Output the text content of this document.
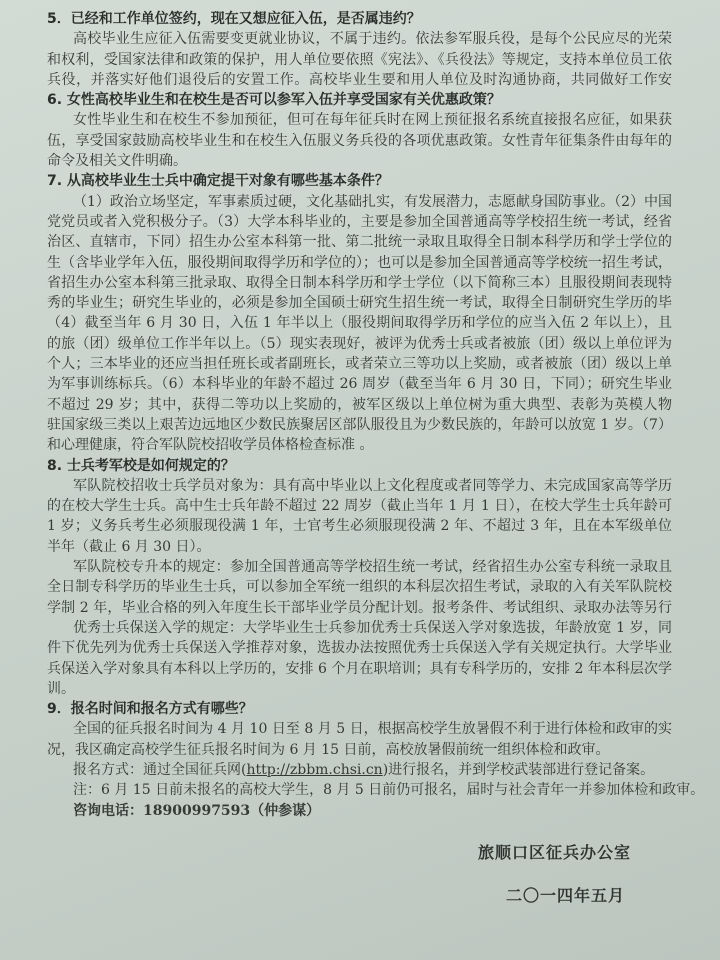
5．已经和工作单位签约，现在又想应征入伍，是否属违约？
高校毕业生应征入伍需要变更就业协议，不属于违约。依法参军服兵役，是每个公民应尽的光荣
和权利，受国家法律和政策的保护，用人单位要依照《宪法》、《兵役法》等规定，支持本单位员工依
兵役，并落实好他们退役后的安置工作。高校毕业生要和用人单位及时沟通协商，共同做好工作安
6. 女性高校毕业生和在校生是否可以参军入伍并享受国家有关优惠政策？
女性毕业生和在校生不参加预征，但可在每年征兵时在网上预征报名系统直接报名应征，如果获
伍，享受国家鼓励高校毕业生和在校生入伍服义务兵役的各项优惠政策。女性青年征集条件由每年的
命令及相关文件明确。
7. 从高校毕业生士兵中确定提干对象有哪些基本条件？
（1）政治立场坚定，军事素质过硬，文化基础扎实，有发展潜力，志愿献身国防事业。（2）中国
党党员或者入党积极分子。（3）大学本科毕业的，主要是参加全国普通高等学校招生统一考试，经省
治区、直辖市，下同）招生办公室本科第一批、第二批统一录取且取得全日制本科学历和学士学位的
生（含毕业学年入伍，服役期间取得学历和学位的）；也可以是参加全国普通高等学校统一招生考试，
省招生办公室本科第三批录取、取得全日制本科学历和学士学位（以下简称三本）且服役期间表现特
秀的毕业生；研究生毕业的，必须是参加全国硕士研究生招生统一考试，取得全日制研究生学历的毕
（4）截至当年 6 月 30 日，入伍 1 年半以上（服役期间取得学历和学位的应当入伍 2 年以上），且
的旅（团）级单位工作半年以上。（5）现实表现好，被评为优秀士兵或者被旅（团）级以上单位评为
个人；三本毕业的还应当担任班长或者副班长，或者荣立三等功以上奖励，或者被旅（团）级以上单
为军事训练标兵。（6）本科毕业的年龄不超过 26 周岁（截至当年 6 月 30 日，下同）；研究生毕业
不超过 29 岁；其中，获得二等功以上奖励的，被军区级以上单位树为重大典型、表彰为英模人物
驻国家级三类以上艰苦边远地区少数民族聚居区部队服役且为少数民族的，年龄可以放宽 1 岁。（7）
和心理健康，符合军队院校招收学员体格检查标准 。
8. 士兵考军校是如何规定的？
军队院校招收士兵学员对象为：具有高中毕业以上文化程度或者同等学力、未完成国家高等学历
的在校大学生士兵。高中生士兵年龄不超过 22 周岁（截止当年 1 月 1 日），在校大学生士兵年龄可
1 岁；义务兵考生必须服现役满 1 年，士官考生必须服现役满 2 年、不超过 3 年，且在本军级单位
半年（截止 6 月 30 日）。
军队院校专升本的规定：参加全国普通高等学校招生统一考试，经省招生办公室专科统一录取且
全日制专科学历的毕业生士兵，可以参加全军统一组织的本科层次招生考试，录取的入有关军队院校
学制 2 年，毕业合格的列入年度生长干部毕业学员分配计划。报考条件、考试组织、录取办法等另行
优秀士兵保送入学的规定：大学毕业生士兵参加优秀士兵保送入学对象选拔，年龄放宽 1 岁，同
件下优先列为优秀士兵保送入学推荐对象，选拔办法按照优秀士兵保送入学有关规定执行。大学毕业
兵保送入学对象具有本科以上学历的，安排 6 个月在职培训；具有专科学历的，安排 2 年本科层次学
训。
9．报名时间和报名方式有哪些？
全国的征兵报名时间为 4 月 10 日至 8 月 5 日，根据高校学生放暑假不利于进行体检和政审的实
况，我区确定高校学生征兵报名时间为 6 月 15 日前，高校放暑假前统一组织体检和政审。
报名方式：通过全国征兵网(http://zbbm.chsi.cn)进行报名，并到学校武装部进行登记备案。
注：6 月 15 日前未报名的高校大学生，8 月 5 日前仍可报名，届时与社会青年一并参加体检和政审。
咨询电话：18900997593（仲参谋）
旅顺口区征兵办公室
二〇一四年五月
